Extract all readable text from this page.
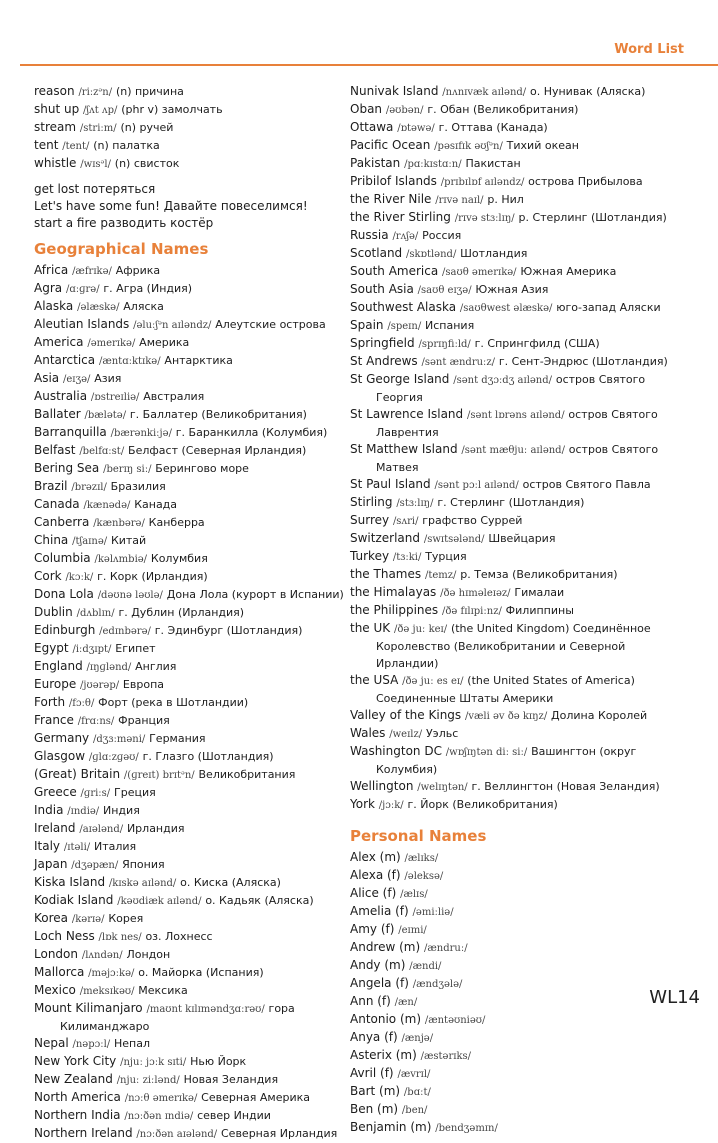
Word List
reason /riːzᵊn/ (n) причина
shut up /ʃʌt ʌp/ (phr v) замолчать
stream /striːm/ (n) ручей
tent /tent/ (n) палатка
whistle /wɪsᵊl/ (n) свисток
get lost потеряться
Let's have some fun! Давайте повеселимся!
start a fire разводить костёр
Geographical Names
Africa /æfrɪkə/ Африка
Agra /ɑːɡrə/ г. Агра (Индия)
Alaska /əlæskə/ Аляска
Aleutian Islands /əluːʃᵊn aɪləndz/ Алеутские острова
America /əmerɪkə/ Америка
Antarctica /æntɑːktɪkə/ Антарктика
Asia /eɪʒə/ Азия
Australia /ɒstreɪliə/ Австралия
Ballater /bælətə/ г. Баллатер (Великобритания)
Barranquilla /bærənkiːjə/ г. Баранкилла (Колумбия)
Belfast /belfɑːst/ Белфаст (Северная Ирландия)
Bering Sea /berɪŋ siː/ Берингово море
Brazil /brəzɪl/ Бразилия
Canada /kænədə/ Канада
Canberra /kænbərə/ Канберра
China /tʃaɪnə/ Китай
Columbia /kəlʌmbiə/ Колумбия
Cork /kɔːk/ г. Корк (Ирландия)
Dona Lola /dəʊnə ləʊlə/ Дона Лола (курорт в Испании)
Dublin /dʌblɪn/ г. Дублин (Ирландия)
Edinburgh /edɪnbərə/ г. Эдинбург (Шотландия)
Egypt /iːdʒɪpt/ Египет
England /ɪŋɡlənd/ Англия
Europe /jʊərəp/ Европа
Forth /fɔːθ/ Форт (река в Шотландии)
France /frɑːns/ Франция
Germany /dʒɜːməni/ Германия
Glasgow /ɡlɑːzɡəʊ/ г. Глазго (Шотландия)
(Great) Britain /(ɡreɪt) brɪtᵊn/ Великобритания
Greece /ɡriːs/ Греция
India /ɪndiə/ Индия
Ireland /aɪələnd/ Ирландия
Italy /ɪtəli/ Италия
Japan /dʒəpæn/ Япония
Kiska Island /kɪskə aɪlənd/ о. Киска (Аляска)
Kodiak Island /kəʊdiæk aɪlənd/ о. Кадьяк (Аляска)
Korea /kərɪə/ Корея
Loch Ness /lɒk nes/ оз. Лохнесс
London /lʌndən/ Лондон
Mallorca /məjɔːkə/ о. Майорка (Испания)
Mexico /meksɪkəʊ/ Мексика
Mount Kilimanjaro /maʊnt kɪlɪməndʒɑːrəʊ/ гора
Килиманджаро
Nepal /nəpɔːl/ Непал
New York City /njuː jɔːk sɪti/ Нью Йорк
New Zealand /njuː ziːlənd/ Новая Зеландия
North America /nɔːθ əmerɪkə/ Северная Америка
Northern India /nɔːðən ɪndiə/ север Индии
Northern Ireland /nɔːðən aɪələnd/ Северная Ирландия
Nunivak Island /nʌnɪvæk aɪlənd/ о. Нунивак (Аляска)
Oban /əʊbən/ г. Обан (Великобритания)
Ottawa /ɒtəwə/ г. Оттава (Канада)
Pacific Ocean /pəsɪfɪk əʊʃᵊn/ Тихий океан
Pakistan /pɑːkɪstɑːn/ Пакистан
Pribilof Islands /prɪbɪlɒf aɪləndz/ острова Прибылова
the River Nile /rɪvə naɪl/ р. Нил
the River Stirling /rɪvə stɜːlɪŋ/ р. Стерлинг (Шотландия)
Russia /rʌʃə/ Россия
Scotland /skɒtlənd/ Шотландия
South America /saʊθ əmerɪkə/ Южная Америка
South Asia /saʊθ eɪʒə/ Южная Азия
Southwest Alaska /saʊθwest əlæskə/ юго-запад Аляски
Spain /speɪn/ Испания
Springfield /sprɪŋfiːld/ г. Спрингфилд (США)
St Andrews /sənt ændruːz/ г. Сент-Эндрюс (Шотландия)
St George Island /sənt dʒɔːdʒ aɪlənd/ остров Святого
Георгия
St Lawrence Island /sənt lɒrəns aɪlənd/ остров Святого
Лаврентия
St Matthew Island /sənt mæθjuː aɪlənd/ остров Святого
Матвея
St Paul Island /sənt pɔːl aɪlənd/ остров Святого Павла
Stirling /stɜːlɪŋ/ г. Стерлинг (Шотландия)
Surrey /sʌri/ графство Суррей
Switzerland /swɪtsələnd/ Швейцария
Turkey /tɜːki/ Турция
the Thames /temz/ р. Темза (Великобритания)
the Himalayas /ðə hɪməleɪəz/ Гималаи
the Philippines /ðə fɪlɪpiːnz/ Филиппины
the UK /ðə juː keɪ/ (the United Kingdom) Соединённое
Королевство (Великобритании и Северной Ирландии)
the USA /ðə juː es eɪ/ (the United States of America)
Соединенные Штаты Америки
Valley of the Kings /væli əv ðə kɪŋz/ Долина Королей
Wales /weɪlz/ Уэльс
Washington DC /wɒʃɪŋtən diː siː/ Вашингтон (округ
Колумбия)
Wellington /welɪŋtən/ г. Веллингтон (Новая Зеландия)
York /jɔːk/ г. Йорк (Великобритания)
Personal Names
Alex (m) /ælɪks/
Alexa (f) /əleksə/
Alice (f) /ælɪs/
Amelia (f) /əmiːliə/
Amy (f) /eɪmi/
Andrew (m) /ændruː/
Andy (m) /ændi/
Angela (f) /ændʒələ/
Ann (f) /æn/
Antonio (m) /æntəʊniəʊ/
Anya (f) /ænjə/
Asterix (m) /æstərɪks/
Avril (f) /ævrɪl/
Bart (m) /bɑːt/
Ben (m) /ben/
Benjamin (m) /bendʒəmɪn/
WL14
